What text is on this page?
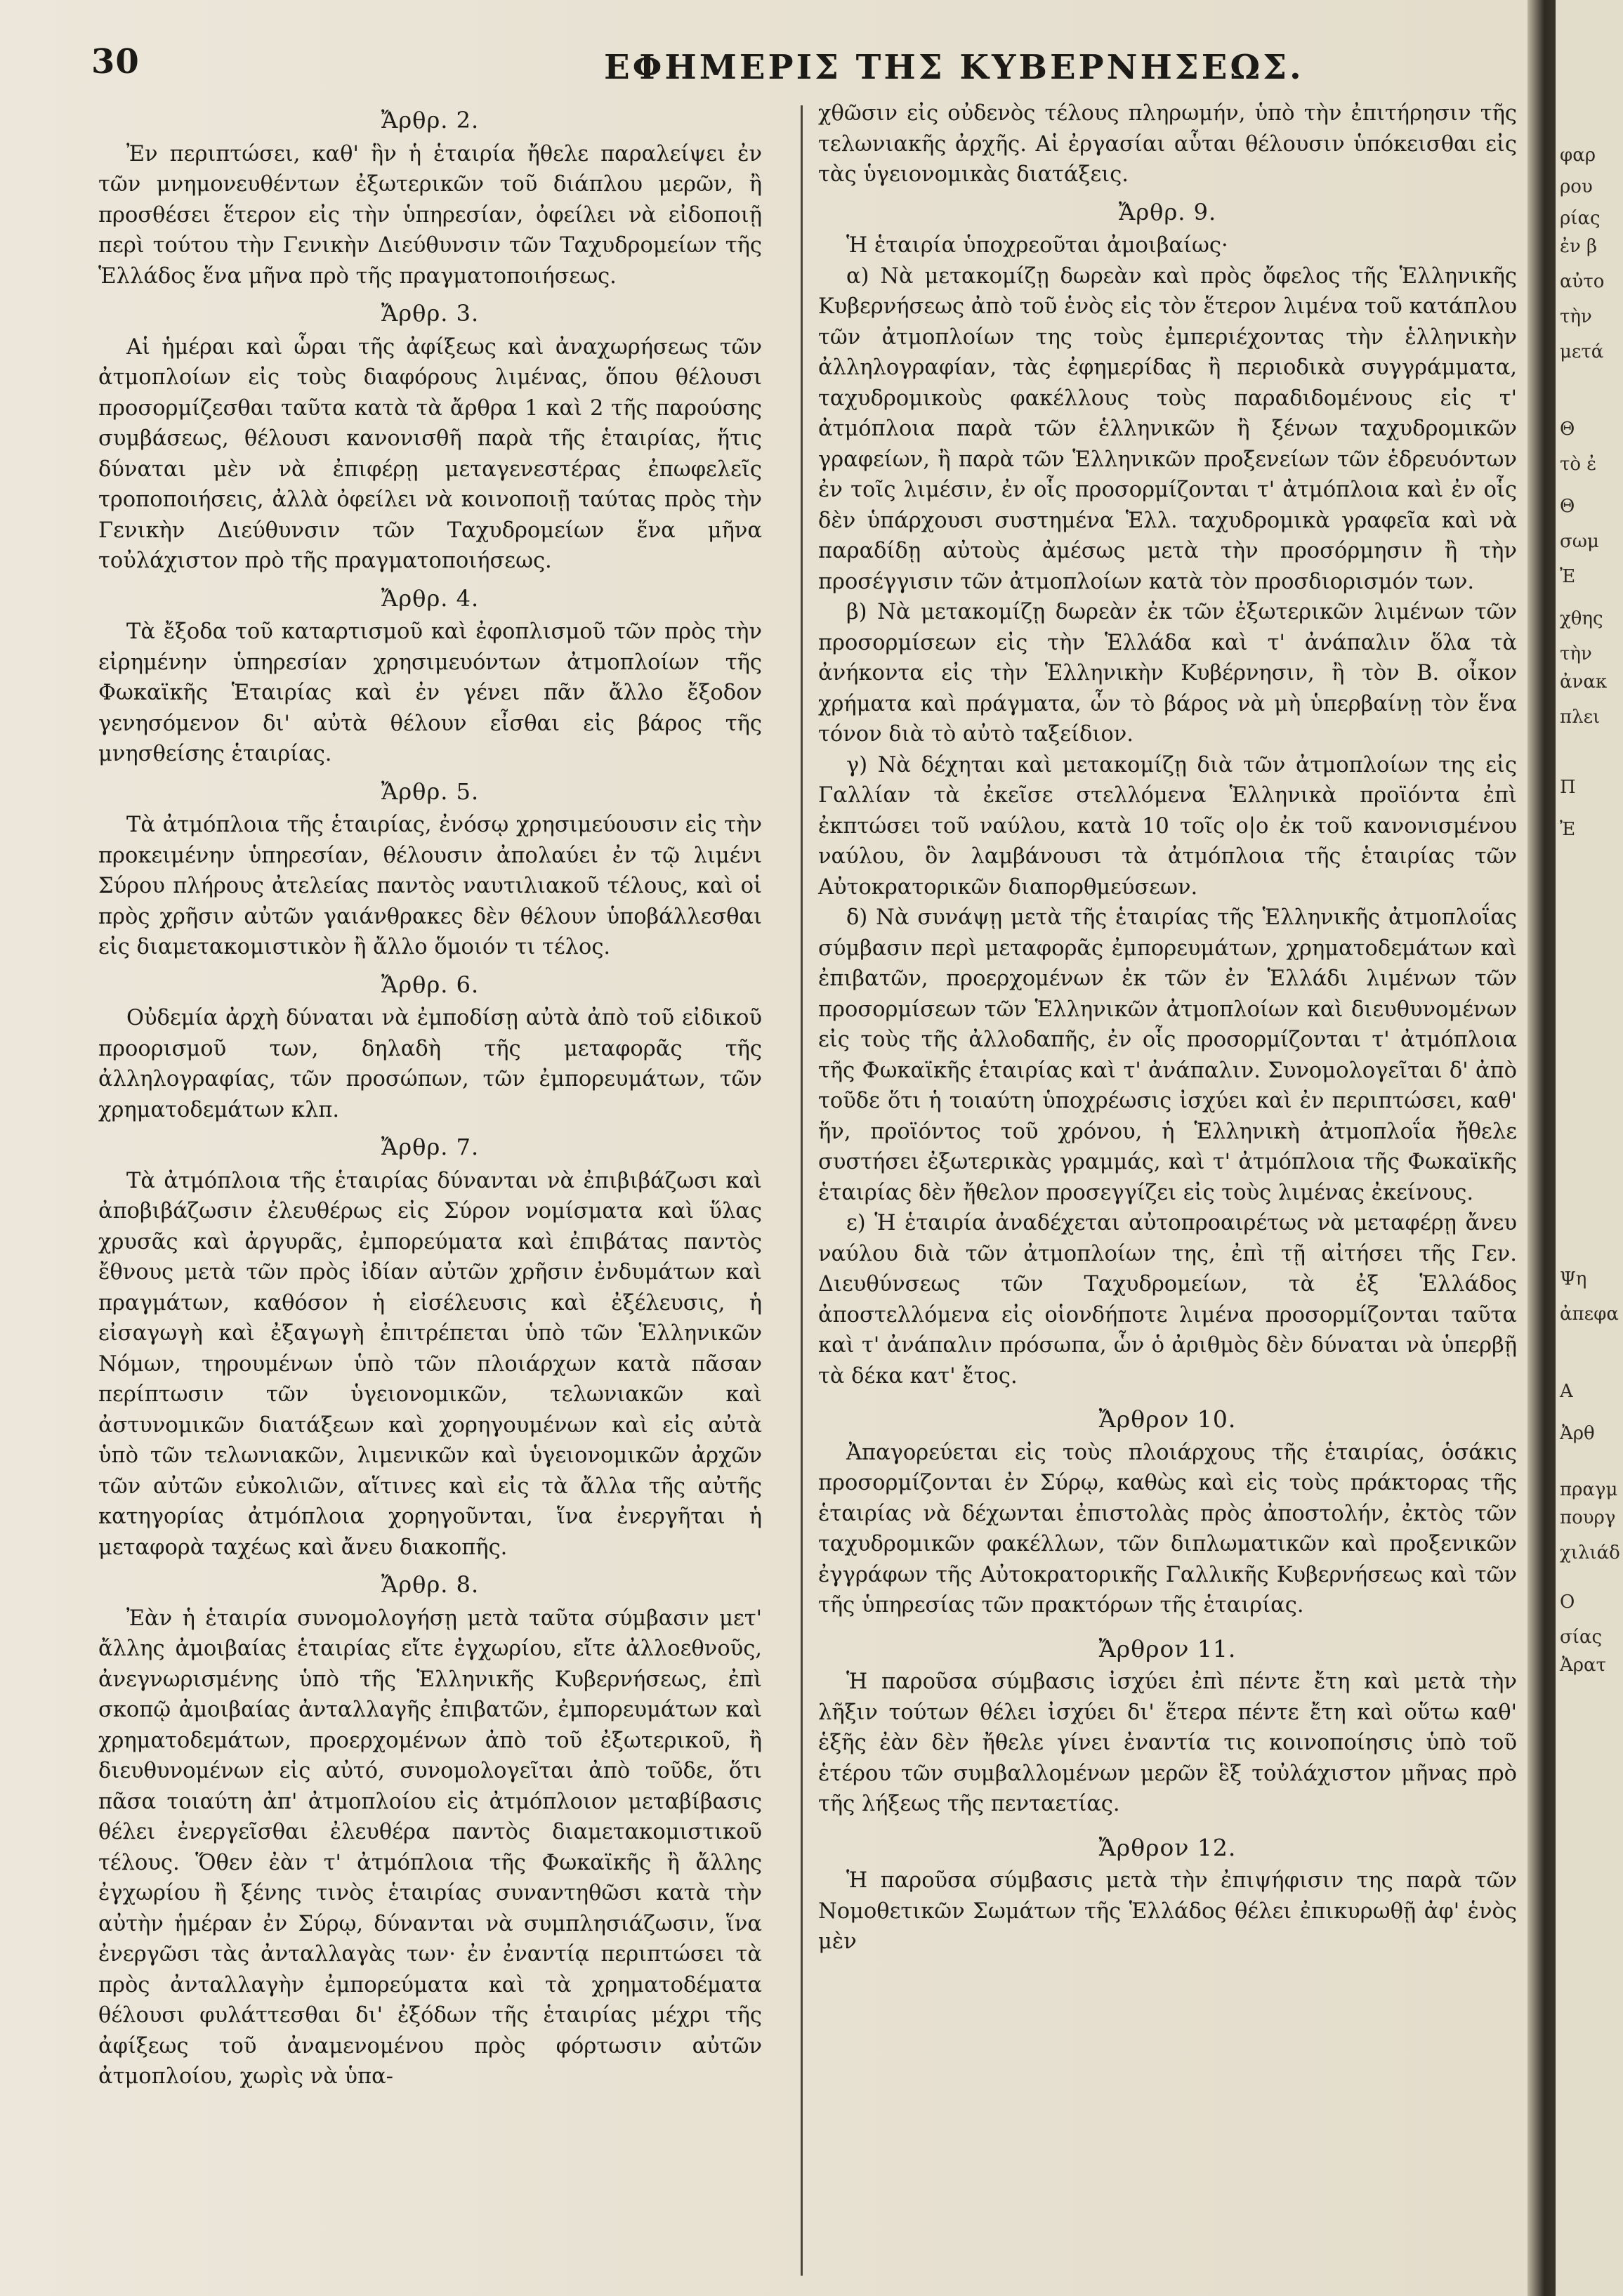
30	ΕΦΗΜΕΡΙΣ ΤΗΣ ΚΥΒΕΡΝΗΣΕΩΣ.
Ἄρθρ. 2.

Ἐν περιπτώσει, καθ' ἣν ἡ ἑταιρία ἤθελε παραλείψει ἐν τῶν μνημονευθέντων ἐξωτερικῶν τοῦ διάπλου μερῶν, ἢ προσθέσει ἕτερον εἰς τὴν ὑπηρεσίαν, ὀφείλει νὰ εἰδοποιῇ περὶ τούτου τὴν Γενικὴν Διεύθυνσιν τῶν Ταχυδρομείων τῆς Ἑλλάδος ἕνα μῆνα πρὸ τῆς πραγματοποιήσεως.

Ἄρθρ. 3.

Αἱ ἡμέραι καὶ ὧραι τῆς ἀφίξεως καὶ ἀναχωρήσεως τῶν ἀτμοπλοίων εἰς τοὺς διαφόρους λιμένας, ὅπου θέλουσι προσορμίζεσθαι ταῦτα κατὰ τὰ ἄρθρα 1 καὶ 2 τῆς παρούσης συμβάσεως, θέλουσι κανονισθῆ παρὰ τῆς ἑταιρίας, ἥτις δύναται μὲν νὰ ἐπιφέρῃ μεταγενεστέρας ἐπωφελεῖς τροποποιήσεις, ἀλλὰ ὀφείλει νὰ κοινοποιῇ ταύτας πρὸς τὴν Γενικὴν Διεύθυνσιν τῶν Ταχυδρομείων ἕνα μῆνα τοὐλάχιστον πρὸ τῆς πραγματοποιήσεως.

Ἄρθρ. 4.

Τὰ ἔξοδα τοῦ καταρτισμοῦ καὶ ἐφοπλισμοῦ τῶν πρὸς τὴν εἰρημένην ὑπηρεσίαν χρησιμευόντων ἀτμοπλοίων τῆς Φωκαϊκῆς Ἑταιρίας καὶ ἐν γένει πᾶν ἄλλο ἔξοδον γενησόμενον δι' αὐτὰ θέλουν εἶσθαι εἰς βάρος τῆς μνησθείσης ἑταιρίας.

Ἄρθρ. 5.

Τὰ ἀτμόπλοια τῆς ἑταιρίας, ἐνόσῳ χρησιμεύουσιν εἰς τὴν προκειμένην ὑπηρεσίαν, θέλουσιν ἀπολαύει ἐν τῷ λιμένι Σύρου πλήρους ἀτελείας παντὸς ναυτιλιακοῦ τέλους, καὶ οἱ πρὸς χρῆσιν αὐτῶν γαιάνθρακες δὲν θέλουν ὑποβάλλεσθαι εἰς διαμετακομιστικὸν ἢ ἄλλο ὅμοιόν τι τέλος.

Ἄρθρ. 6.

Οὐδεμία ἀρχὴ δύναται νὰ ἐμποδίσῃ αὐτὰ ἀπὸ τοῦ εἰδικοῦ προορισμοῦ των, δηλαδὴ τῆς μεταφορᾶς τῆς ἀλληλογραφίας, τῶν προσώπων, τῶν ἐμπορευμάτων, τῶν χρηματοδεμάτων κλπ.

Ἄρθρ. 7.

Τὰ ἀτμόπλοια τῆς ἑταιρίας δύνανται νὰ ἐπιβιβάζωσι καὶ ἀποβιβάζωσιν ἐλευθέρως εἰς Σύρον νομίσματα καὶ ὕλας χρυσᾶς καὶ ἀργυρᾶς, ἐμπορεύματα καὶ ἐπιβάτας παντὸς ἔθνους μετὰ τῶν πρὸς ἰδίαν αὐτῶν χρῆσιν ἐνδυμάτων καὶ πραγμάτων, καθόσον ἡ εἰσέλευσις καὶ ἐξέλευσις, ἡ εἰσαγωγὴ καὶ ἐξαγωγὴ ἐπιτρέπεται ὑπὸ τῶν Ἑλληνικῶν Νόμων, τηρουμένων ὑπὸ τῶν πλοιάρχων κατὰ πᾶσαν περίπτωσιν τῶν ὑγειονομικῶν, τελωνιακῶν καὶ ἀστυνομικῶν διατάξεων καὶ χορηγουμένων καὶ εἰς αὐτὰ ὑπὸ τῶν τελωνιακῶν, λιμενικῶν καὶ ὑγειονομικῶν ἀρχῶν τῶν αὐτῶν εὐκολιῶν, αἵτινες καὶ εἰς τὰ ἄλλα τῆς αὐτῆς κατηγορίας ἀτμόπλοια χορηγοῦνται, ἵνα ἐνεργῆται ἡ μεταφορὰ ταχέως καὶ ἄνευ διακοπῆς.

Ἄρθρ. 8.

Ἐὰν ἡ ἑταιρία συνομολογήσῃ μετὰ ταῦτα σύμβασιν μετ' ἄλλης ἀμοιβαίας ἑταιρίας εἴτε ἐγχωρίου, εἴτε ἀλλοεθνοῦς, ἀνεγνωρισμένης ὑπὸ τῆς Ἑλληνικῆς Κυβερνήσεως, ἐπὶ σκοπῷ ἀμοιβαίας ἀνταλλαγῆς ἐπιβατῶν, ἐμπορευμάτων καὶ χρηματοδεμάτων, προερχομένων ἀπὸ τοῦ ἐξωτερικοῦ, ἢ διευθυνομένων εἰς αὐτό, συνομολογεῖται ἀπὸ τοῦδε, ὅτι πᾶσα τοιαύτη ἀπ' ἀτμοπλοίου εἰς ἀτμόπλοιον μεταβίβασις θέλει ἐνεργεῖσθαι ἐλευθέρα παντὸς διαμετακομιστικοῦ τέλους. Ὅθεν ἐὰν τ' ἀτμόπλοια τῆς Φωκαϊκῆς ἢ ἄλλης ἐγχωρίου ἢ ξένης τινὸς ἑταιρίας συναντηθῶσι κατὰ τὴν αὐτὴν ἡμέραν ἐν Σύρῳ, δύνανται νὰ συμπλησιάζωσιν, ἵνα ἐνεργῶσι τὰς ἀνταλλαγὰς των· ἐν ἐναντίᾳ περιπτώσει τὰ πρὸς ἀνταλλαγὴν ἐμπορεύματα καὶ τὰ χρηματοδέματα θέλουσι φυλάττεσθαι δι' ἐξόδων τῆς ἑταιρίας μέχρι τῆς ἀφίξεως τοῦ ἀναμενομένου πρὸς φόρτωσιν αὐτῶν ἀτμοπλοίου, χωρὶς νὰ ὑπα-

χθῶσιν εἰς οὐδενὸς τέλους πληρωμήν, ὑπὸ τὴν ἐπιτήρησιν τῆς τελωνιακῆς ἀρχῆς. Αἱ ἐργασίαι αὗται θέλουσιν ὑπόκεισθαι εἰς τὰς ὑγειονομικὰς διατάξεις.

Ἄρθρ. 9.

Ἡ ἑταιρία ὑποχρεοῦται ἀμοιβαίως·

α) Νὰ μετακομίζῃ δωρεὰν καὶ πρὸς ὄφελος τῆς Ἑλληνικῆς Κυβερνήσεως ἀπὸ τοῦ ἑνὸς εἰς τὸν ἕτερον λιμένα τοῦ κατάπλου τῶν ἀτμοπλοίων της τοὺς ἐμπεριέχοντας τὴν ἑλληνικὴν ἀλληλογραφίαν, τὰς ἐφημερίδας ἢ περιοδικὰ συγγράμματα, ταχυδρομικοὺς φακέλλους τοὺς παραδιδομένους εἰς τ' ἀτμόπλοια παρὰ τῶν ἑλληνικῶν ἢ ξένων ταχυδρομικῶν γραφείων, ἢ παρὰ τῶν Ἑλληνικῶν προξενείων τῶν ἑδρευόντων ἐν τοῖς λιμέσιν, ἐν οἷς προσορμίζονται τ' ἀτμόπλοια καὶ ἐν οἷς δὲν ὑπάρχουσι συστημένα Ἑλλ. ταχυδρομικὰ γραφεῖα καὶ νὰ παραδίδῃ αὐτοὺς ἀμέσως μετὰ τὴν προσόρμησιν ἢ τὴν προσέγγισιν τῶν ἀτμοπλοίων κατὰ τὸν προσδιορισμόν των.

β) Νὰ μετακομίζῃ δωρεὰν ἐκ τῶν ἐξωτερικῶν λιμένων τῶν προσορμίσεων εἰς τὴν Ἑλλάδα καὶ τ' ἀνάπαλιν ὅλα τὰ ἀνήκοντα εἰς τὴν Ἑλληνικὴν Κυβέρνησιν, ἢ τὸν Β. οἶκον χρήματα καὶ πράγματα, ὧν τὸ βάρος νὰ μὴ ὑπερβαίνῃ τὸν ἕνα τόνον διὰ τὸ αὐτὸ ταξείδιον.

γ) Νὰ δέχηται καὶ μετακομίζῃ διὰ τῶν ἀτμοπλοίων της εἰς Γαλλίαν τὰ ἐκεῖσε στελλόμενα Ἑλληνικὰ προϊόντα ἐπὶ ἐκπτώσει τοῦ ναύλου, κατὰ 10 τοῖς ο|ο ἐκ τοῦ κανονισμένου ναύλου, ὃν λαμβάνουσι τὰ ἀτμόπλοια τῆς ἑταιρίας τῶν Αὐτοκρατορικῶν διαπορθμεύσεων.

δ) Νὰ συνάψῃ μετὰ τῆς ἑταιρίας τῆς Ἑλληνικῆς ἀτμοπλοΐας σύμβασιν περὶ μεταφορᾶς ἐμπορευμάτων, χρηματοδεμάτων καὶ ἐπιβατῶν, προερχομένων ἐκ τῶν ἐν Ἑλλάδι λιμένων τῶν προσορμίσεων τῶν Ἑλληνικῶν ἀτμοπλοίων καὶ διευθυνομένων εἰς τοὺς τῆς ἀλλοδαπῆς, ἐν οἷς προσορμίζονται τ' ἀτμόπλοια τῆς Φωκαϊκῆς ἑταιρίας καὶ τ' ἀνάπαλιν. Συνομολογεῖται δ' ἀπὸ τοῦδε ὅτι ἡ τοιαύτη ὑποχρέωσις ἰσχύει καὶ ἐν περιπτώσει, καθ' ἥν, προϊόντος τοῦ χρόνου, ἡ Ἑλληνικὴ ἀτμοπλοΐα ἤθελε συστήσει ἐξωτερικὰς γραμμάς, καὶ τ' ἀτμόπλοια τῆς Φωκαϊκῆς ἑταιρίας δὲν ἤθελον προσεγγίζει εἰς τοὺς λιμένας ἐκείνους.

ε) Ἡ ἑταιρία ἀναδέχεται αὐτοπροαιρέτως νὰ μεταφέρῃ ἄνευ ναύλου διὰ τῶν ἀτμοπλοίων της, ἐπὶ τῇ αἰτήσει τῆς Γεν. Διευθύνσεως τῶν Ταχυδρομείων, τὰ ἐξ Ἑλλάδος ἀποστελλόμενα εἰς οἱονδήποτε λιμένα προσορμίζονται ταῦτα καὶ τ' ἀνάπαλιν πρόσωπα, ὧν ὁ ἀριθμὸς δὲν δύναται νὰ ὑπερβῇ τὰ δέκα κατ' ἔτος.

Ἄρθρον 10.

Ἀπαγορεύεται εἰς τοὺς πλοιάρχους τῆς ἑταιρίας, ὁσάκις προσορμίζονται ἐν Σύρῳ, καθὼς καὶ εἰς τοὺς πράκτορας τῆς ἑταιρίας νὰ δέχωνται ἐπιστολὰς πρὸς ἀποστολήν, ἐκτὸς τῶν ταχυδρομικῶν φακέλλων, τῶν διπλωματικῶν καὶ προξενικῶν ἐγγράφων τῆς Αὐτοκρατορικῆς Γαλλικῆς Κυβερνήσεως καὶ τῶν τῆς ὑπηρεσίας τῶν πρακτόρων τῆς ἑταιρίας.

Ἄρθρον 11.

Ἡ παροῦσα σύμβασις ἰσχύει ἐπὶ πέντε ἔτη καὶ μετὰ τὴν λῆξιν τούτων θέλει ἰσχύει δι' ἕτερα πέντε ἔτη καὶ οὕτω καθ' ἑξῆς ἐὰν δὲν ἤθελε γίνει ἐναντία τις κοινοποίησις ὑπὸ τοῦ ἑτέρου τῶν συμβαλλομένων μερῶν ἓξ τοὐλάχιστον μῆνας πρὸ τῆς λήξεως τῆς πενταετίας.

Ἄρθρον 12.

Ἡ παροῦσα σύμβασις μετὰ τὴν ἐπιψήφισιν της παρὰ τῶν Νομοθετικῶν Σωμάτων τῆς Ἑλλάδος θέλει ἐπικυρωθῇ ἀφ' ἑνὸς μὲν

φαρ
ρου
ρίας
ἐν β
αὐτο
τὴν
μετά
Θ
τὸ ἐ
Θ
σωμ
Ἐ
χθης
τὴν
ἀνακ
πλει
Π
Ἐ
Ψη
ἀπεφα
Α
Ἀρθ
πραγμ
πουργ
χιλιάδ
Ο
σίας
Ἀρατ
